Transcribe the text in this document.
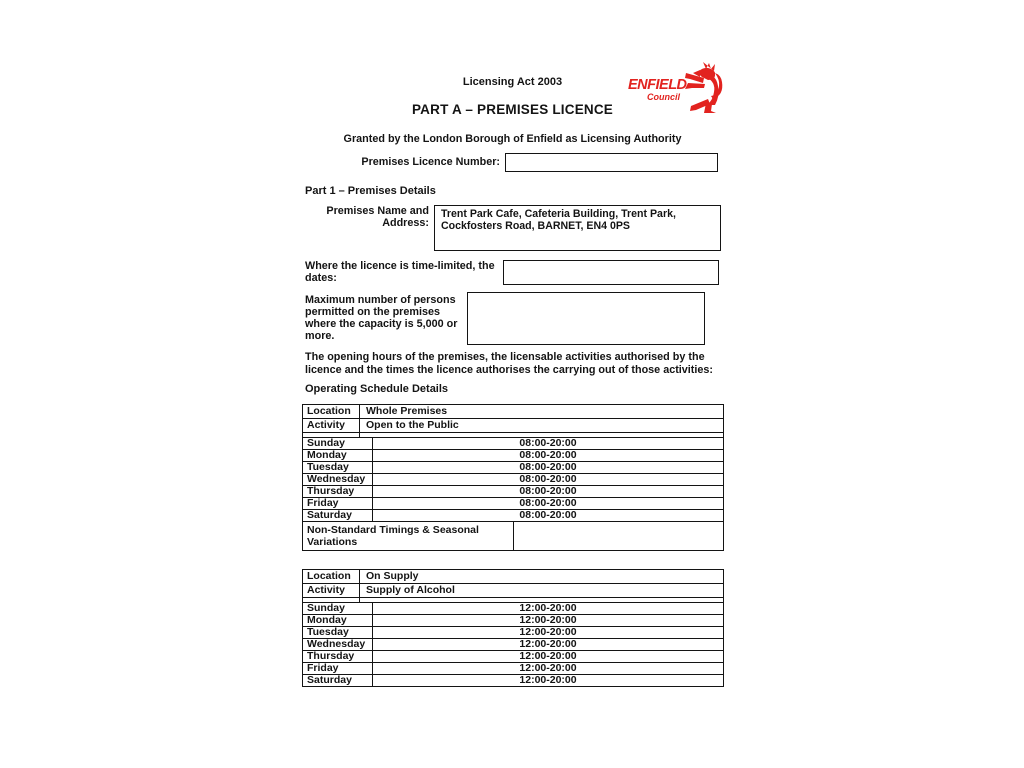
Licensing Act 2003	ENFIELD
Council
PART A – PREMISES LICENCE
Granted by the London Borough of Enfield as Licensing Authority
Premises Licence Number:
Part 1 – Premises Details
Premises Name and Address:
Trent Park Cafe, Cafeteria Building, Trent Park, Cockfosters Road, BARNET, EN4 0PS
Where the licence is time-limited, the dates:
Maximum number of persons permitted on the premises where the capacity is 5,000 or more.
The opening hours of the premises, the licensable activities authorised by the licence and the times the licence authorises the carrying out of those activities:
Operating Schedule Details
Location	Whole Premises		
Activity	Open to the Public		

Sunday		08:00-20:00	
Monday		08:00-20:00	
Tuesday		08:00-20:00	
Wednesday		08:00-20:00	
Thursday		08:00-20:00	
Friday		08:00-20:00	
Saturday		08:00-20:00	

Non-Standard Timings & Seasonal Variations			

Location	On Supply	
Activity	Supply of Alcohol	

Sunday		12:00-20:00
Monday		12:00-20:00
Tuesday		12:00-20:00
Wednesday		12:00-20:00
Thursday		12:00-20:00
Friday		12:00-20:00
Saturday		12:00-20:00
